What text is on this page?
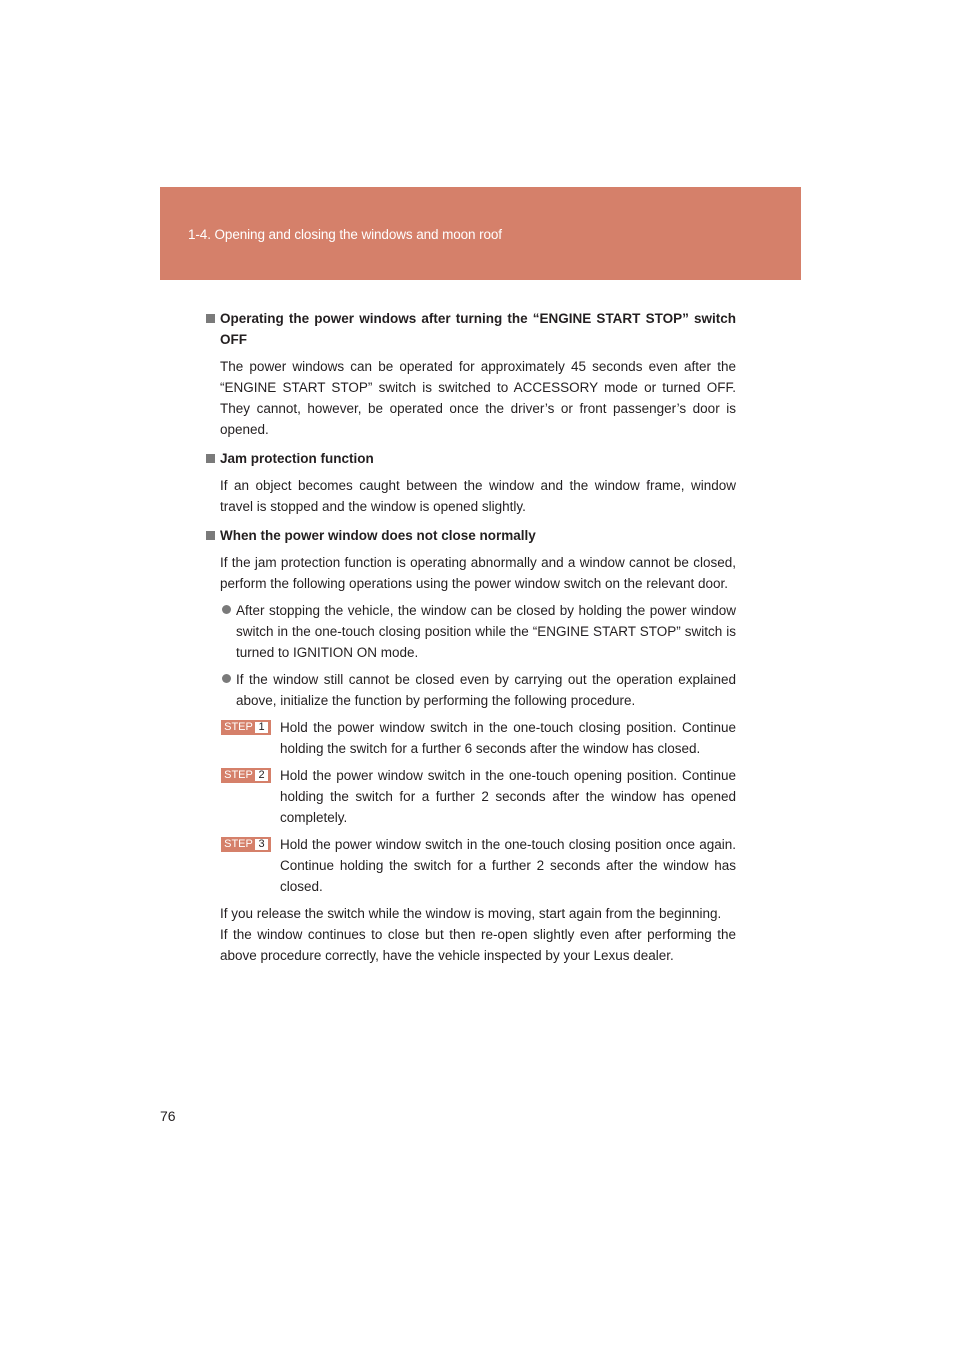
1-4. Opening and closing the windows and moon roof
Operating the power windows after turning the “ENGINE START STOP” switch OFF
The power windows can be operated for approximately 45 seconds even after the “ENGINE START STOP” switch is switched to ACCESSORY mode or turned OFF. They cannot, however, be operated once the driver’s or front passenger’s door is opened.
Jam protection function
If an object becomes caught between the window and the window frame, window travel is stopped and the window is opened slightly.
When the power window does not close normally
If the jam protection function is operating abnormally and a window cannot be closed, perform the following operations using the power window switch on the relevant door.
After stopping the vehicle, the window can be closed by holding the power window switch in the one-touch closing position while the “ENGINE START STOP” switch is turned to IGNITION ON mode.
If the window still cannot be closed even by carrying out the operation explained above, initialize the function by performing the following procedure.
STEP 1 Hold the power window switch in the one-touch closing position. Continue holding the switch for a further 6 seconds after the window has closed.
STEP 2 Hold the power window switch in the one-touch opening position. Continue holding the switch for a further 2 seconds after the window has opened completely.
STEP 3 Hold the power window switch in the one-touch closing position once again. Continue holding the switch for a further 2 seconds after the window has closed.
If you release the switch while the window is moving, start again from the beginning.
If the window continues to close but then re-open slightly even after performing the above procedure correctly, have the vehicle inspected by your Lexus dealer.
76
